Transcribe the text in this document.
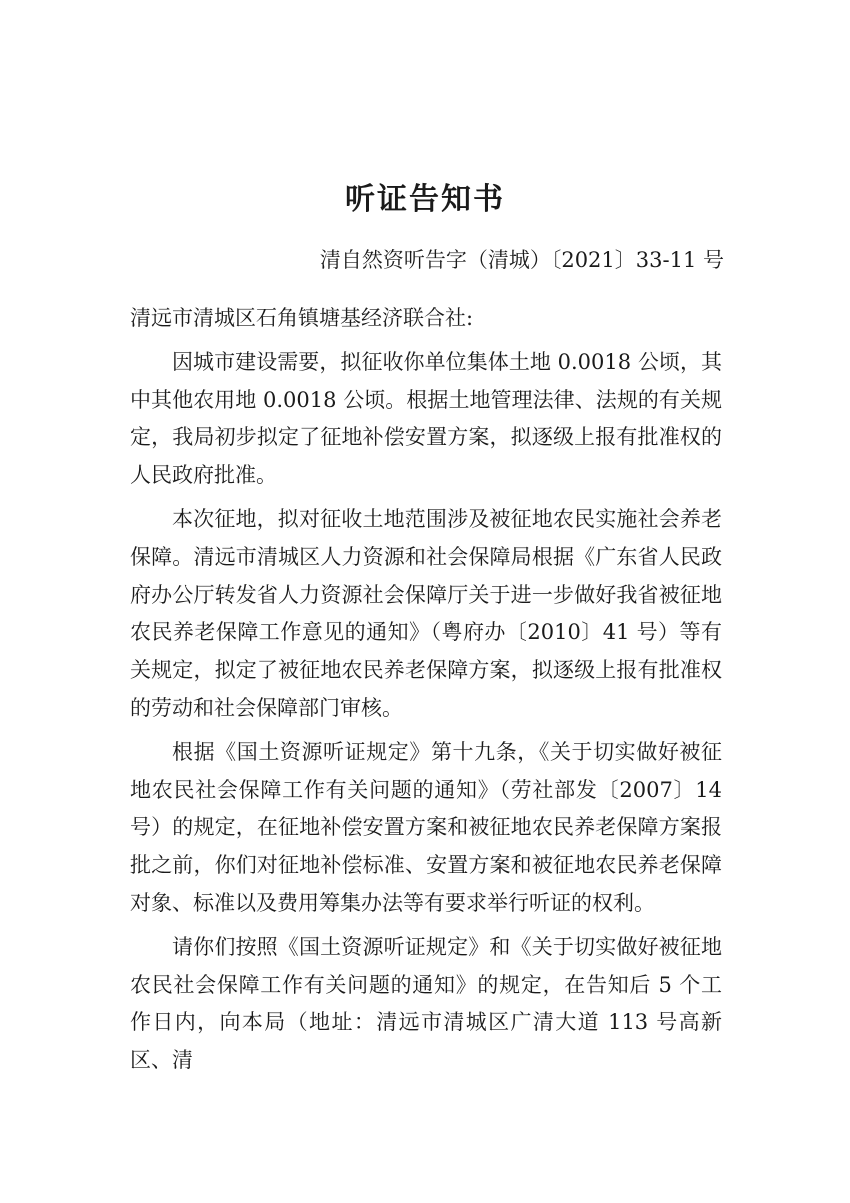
听证告知书
清自然资听告字（清城）〔2021〕33-11 号

清远市清城区石角镇塘基经济联合社:

因城市建设需要，拟征收你单位集体土地 0.0018 公顷，其中其他农用地 0.0018 公顷。根据土地管理法律、法规的有关规定，我局初步拟定了征地补偿安置方案，拟逐级上报有批准权的人民政府批准。

本次征地，拟对征收土地范围涉及被征地农民实施社会养老保障。清远市清城区人力资源和社会保障局根据《广东省人民政府办公厅转发省人力资源社会保障厅关于进一步做好我省被征地农民养老保障工作意见的通知》（粤府办〔2010〕41 号）等有关规定，拟定了被征地农民养老保障方案，拟逐级上报有批准权的劳动和社会保障部门审核。

根据《国土资源听证规定》第十九条，《关于切实做好被征地农民社会保障工作有关问题的通知》（劳社部发〔2007〕14 号）的规定，在征地补偿安置方案和被征地农民养老保障方案报批之前，你们对征地补偿标准、安置方案和被征地农民养老保障对象、标准以及费用筹集办法等有要求举行听证的权利。

请你们按照《国土资源听证规定》和《关于切实做好被征地农民社会保障工作有关问题的通知》的规定，在告知后 5 个工作日内，向本局（地址：清远市清城区广清大道 113 号高新区、清
